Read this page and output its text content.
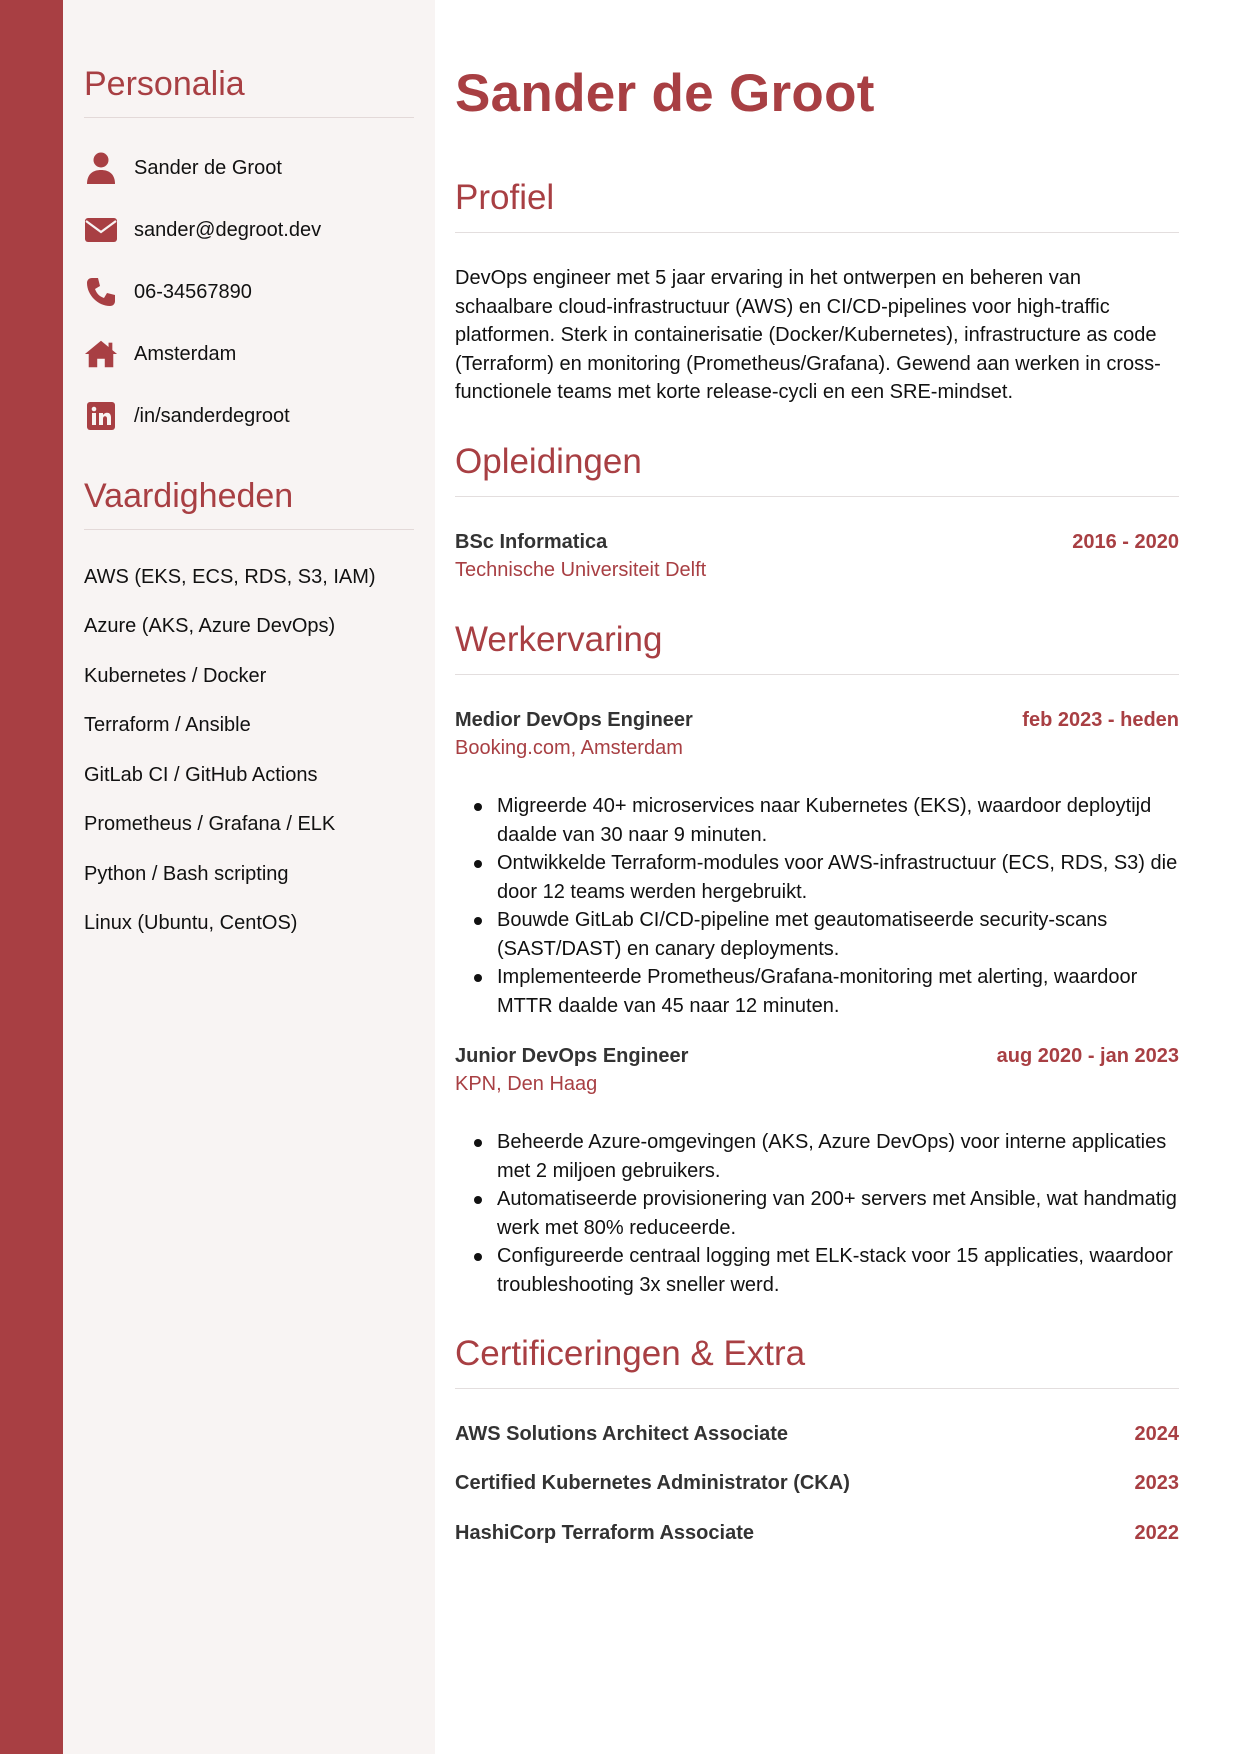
Personalia
Sander de Groot
sander@degroot.dev
06-34567890
Amsterdam
/in/sanderdegroot
Vaardigheden
AWS (EKS, ECS, RDS, S3, IAM)
Azure (AKS, Azure DevOps)
Kubernetes / Docker
Terraform / Ansible
GitLab CI / GitHub Actions
Prometheus / Grafana / ELK
Python / Bash scripting
Linux (Ubuntu, CentOS)
Sander de Groot
Profiel

DevOps engineer met 5 jaar ervaring in het ontwerpen en beheren van schaalbare cloud-infrastructuur (AWS) en CI/CD-pipelines voor high-traffic platformen. Sterk in containerisatie (Docker/Kubernetes), infrastructure as code (Terraform) en monitoring (Prometheus/Grafana). Gewend aan werken in cross-functionele teams met korte release-cycli en een SRE-mindset.

Opleidingen
BSc Informatica	2016 - 2020
Technische Universiteit Delft
Werkervaring
Medior DevOps Engineer	feb 2023 - heden
Booking.com, Amsterdam
Migreerde 40+ microservices naar Kubernetes (EKS), waardoor deploytijd daalde van 30 naar 9 minuten.
Ontwikkelde Terraform-modules voor AWS-infrastructuur (ECS, RDS, S3) die door 12 teams werden hergebruikt.
Bouwde GitLab CI/CD-pipeline met geautomatiseerde security-scans (SAST/DAST) en canary deployments.
Implementeerde Prometheus/Grafana-monitoring met alerting, waardoor MTTR daalde van 45 naar 12 minuten.
Junior DevOps Engineer	aug 2020 - jan 2023
KPN, Den Haag
Beheerde Azure-omgevingen (AKS, Azure DevOps) voor interne applicaties met 2 miljoen gebruikers.
Automatiseerde provisionering van 200+ servers met Ansible, wat handmatig werk met 80% reduceerde.
Configureerde centraal logging met ELK-stack voor 15 applicaties, waardoor troubleshooting 3x sneller werd.
Certificeringen & Extra
AWS Solutions Architect Associate	2024
Certified Kubernetes Administrator (CKA)	2023
HashiCorp Terraform Associate	2022
